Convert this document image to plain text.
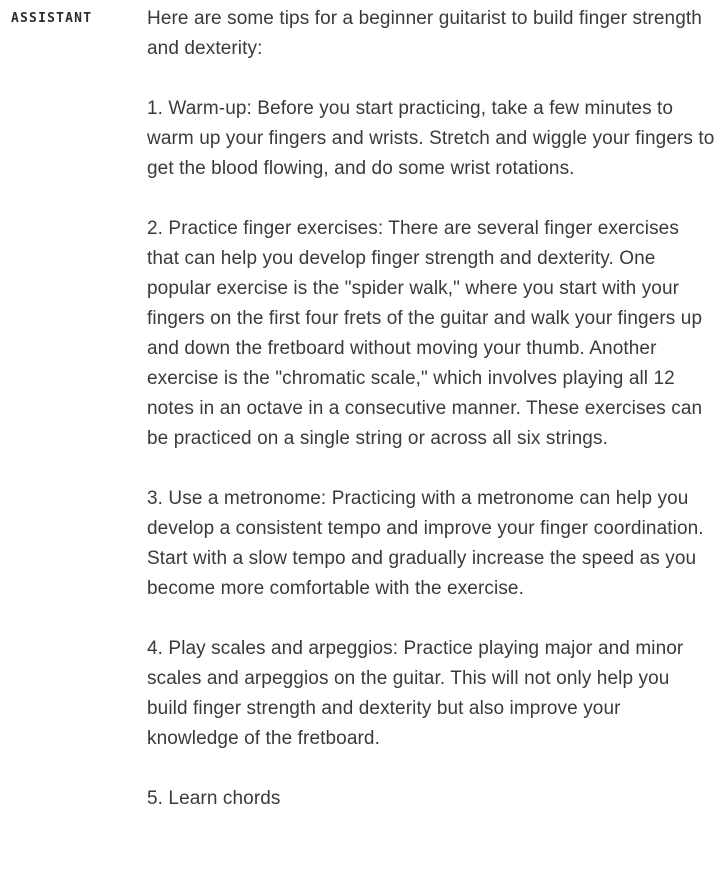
ASSISTANT	Here are some tips for a beginner guitarist to build finger strength and dexterity:

1. Warm-up: Before you start practicing, take a few minutes to warm up your fingers and wrists. Stretch and wiggle your fingers to get the blood flowing, and do some wrist rotations.

2. Practice finger exercises: There are several finger exercises that can help you develop finger strength and dexterity. One popular exercise is the "spider walk," where you start with your fingers on the first four frets of the guitar and walk your fingers up and down the fretboard without moving your thumb. Another exercise is the "chromatic scale," which involves playing all 12 notes in an octave in a consecutive manner. These exercises can be practiced on a single string or across all six strings.

3. Use a metronome: Practicing with a metronome can help you develop a consistent tempo and improve your finger coordination. Start with a slow tempo and gradually increase the speed as you become more comfortable with the exercise.

4. Play scales and arpeggios: Practice playing major and minor scales and arpeggios on the guitar. This will not only help you build finger strength and dexterity but also improve your knowledge of the fretboard.

5. Learn chords
